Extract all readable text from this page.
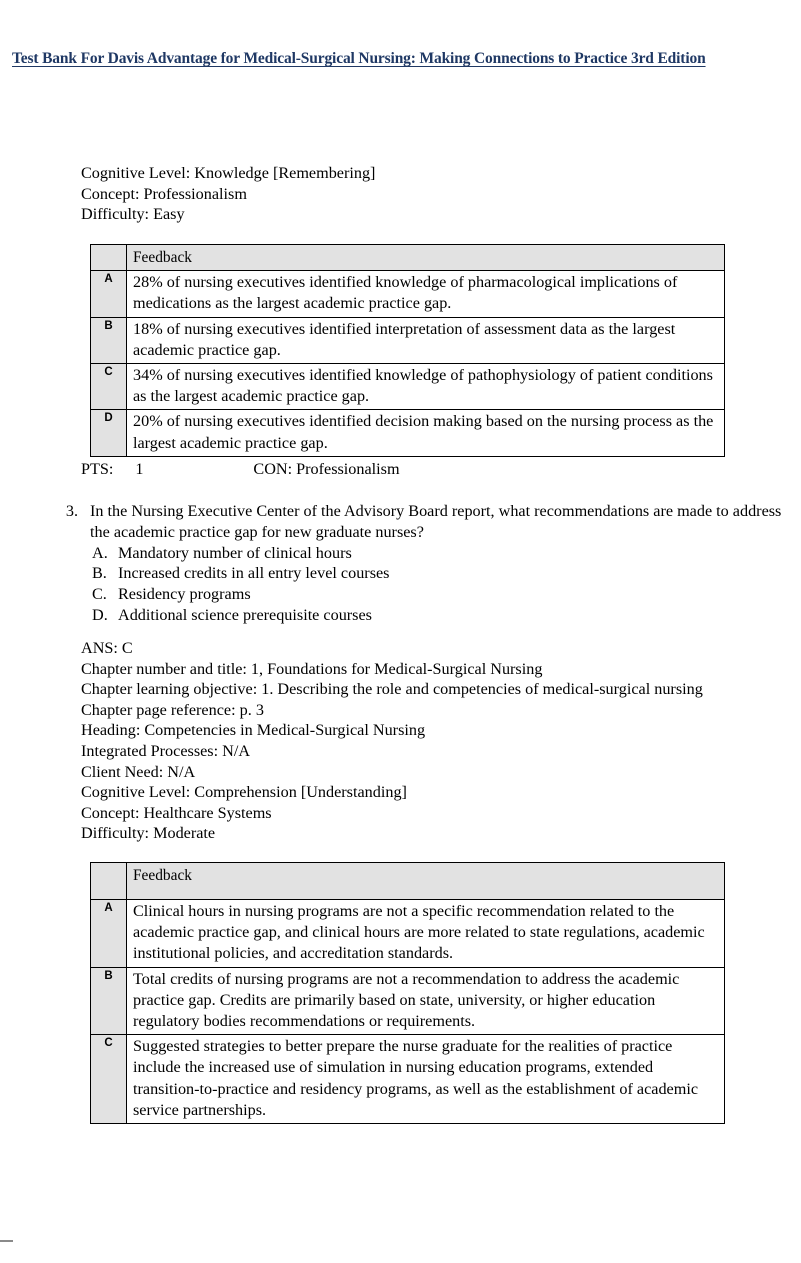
Test Bank For Davis Advantage for Medical-Surgical Nursing: Making Connections to Practice 3rd Edition
Cognitive Level: Knowledge [Remembering]
Concept: Professionalism
Difficulty: Easy
	Feedback
A	28% of nursing executives identified knowledge of pharmacological implications of medications as the largest academic practice gap.
B	18% of nursing executives identified interpretation of assessment data as the largest academic practice gap.
C	34% of nursing executives identified knowledge of pathophysiology of patient conditions as the largest academic practice gap.
D	20% of nursing executives identified decision making based on the nursing process as the largest academic practice gap.
PTS: 1	CON: Professionalism
3. In the Nursing Executive Center of the Advisory Board report, what recommendations are made to address the academic practice gap for new graduate nurses?
A. Mandatory number of clinical hours
B. Increased credits in all entry level courses
C. Residency programs
D. Additional science prerequisite courses
ANS: C
Chapter number and title: 1, Foundations for Medical-Surgical Nursing
Chapter learning objective: 1. Describing the role and competencies of medical-surgical nursing
Chapter page reference: p. 3
Heading: Competencies in Medical-Surgical Nursing
Integrated Processes: N/A
Client Need: N/A
Cognitive Level: Comprehension [Understanding]
Concept: Healthcare Systems
Difficulty: Moderate
	Feedback
A	Clinical hours in nursing programs are not a specific recommendation related to the academic practice gap, and clinical hours are more related to state regulations, academic institutional policies, and accreditation standards.
B	Total credits of nursing programs are not a recommendation to address the academic practice gap. Credits are primarily based on state, university, or higher education regulatory bodies recommendations or requirements.
C	Suggested strategies to better prepare the nurse graduate for the realities of practice include the increased use of simulation in nursing education programs, extended transition-to-practice and residency programs, as well as the establishment of academic service partnerships.
